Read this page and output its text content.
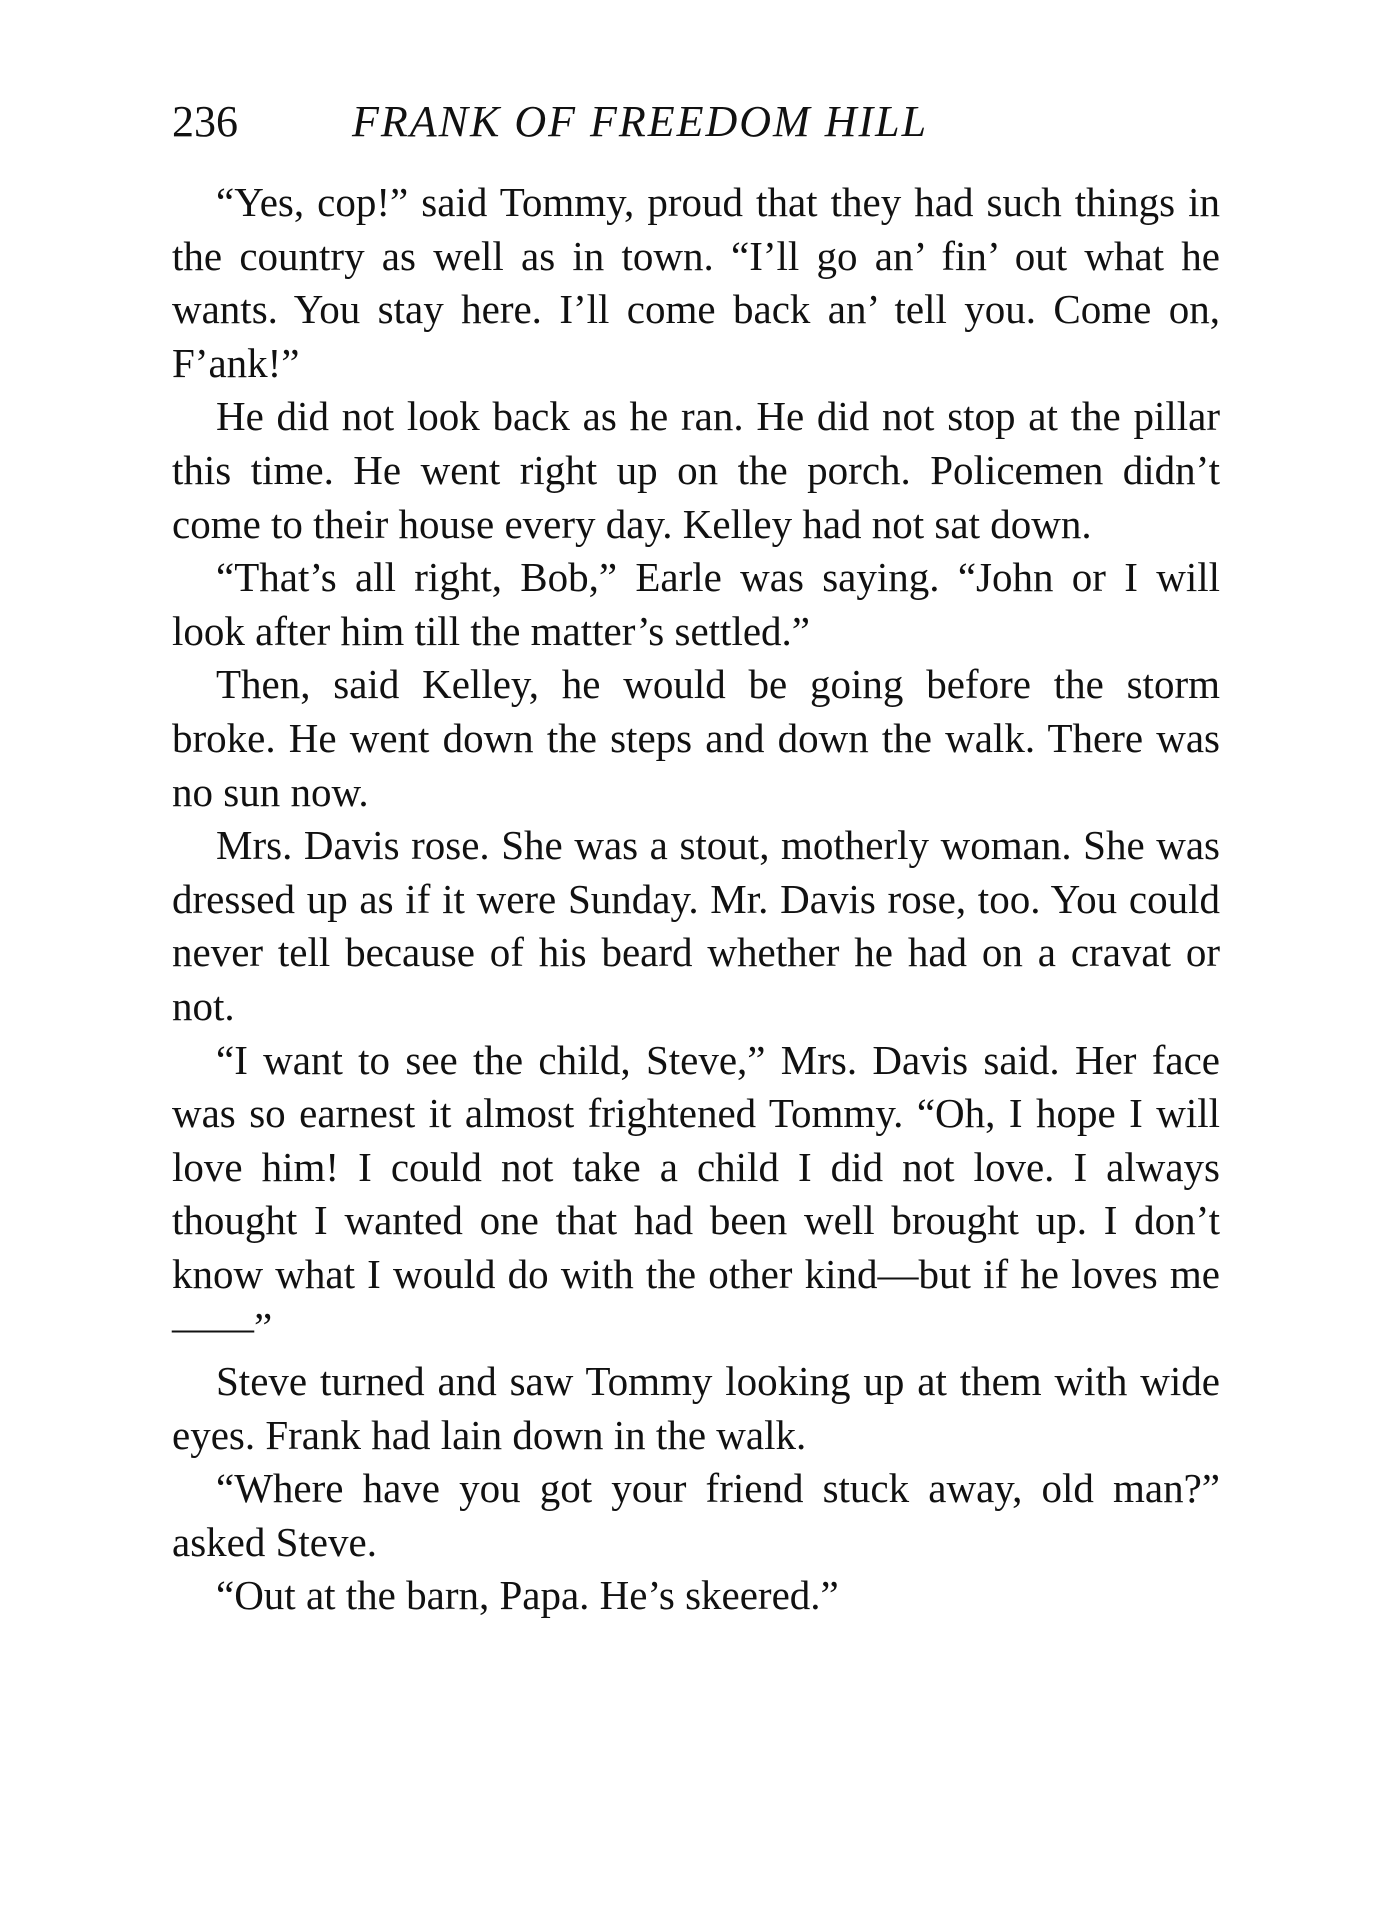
236	FRANK OF FREEDOM HILL

“Yes, cop!” said Tommy, proud that they had such things in the country as well as in town. “I’ll go an’ fin’ out what he wants. You stay here. I’ll come back an’ tell you. Come on, F’ank!”

He did not look back as he ran. He did not stop at the pillar this time. He went right up on the porch. Policemen didn’t come to their house every day. Kelley had not sat down.

“That’s all right, Bob,” Earle was saying. “John or I will look after him till the matter’s settled.”

Then, said Kelley, he would be going before the storm broke. He went down the steps and down the walk. There was no sun now.

Mrs. Davis rose. She was a stout, motherly woman. She was dressed up as if it were Sunday. Mr. Davis rose, too. You could never tell because of his beard whether he had on a cravat or not.

“I want to see the child, Steve,” Mrs. Davis said. Her face was so earnest it almost frightened Tommy. “Oh, I hope I will love him! I could not take a child I did not love. I always thought I wanted one that had been well brought up. I don’t know what I would do with the other kind—but if he loves me——”

Steve turned and saw Tommy looking up at them with wide eyes. Frank had lain down in the walk.

“Where have you got your friend stuck away, old man?” asked Steve.

“Out at the barn, Papa. He’s skeered.”
